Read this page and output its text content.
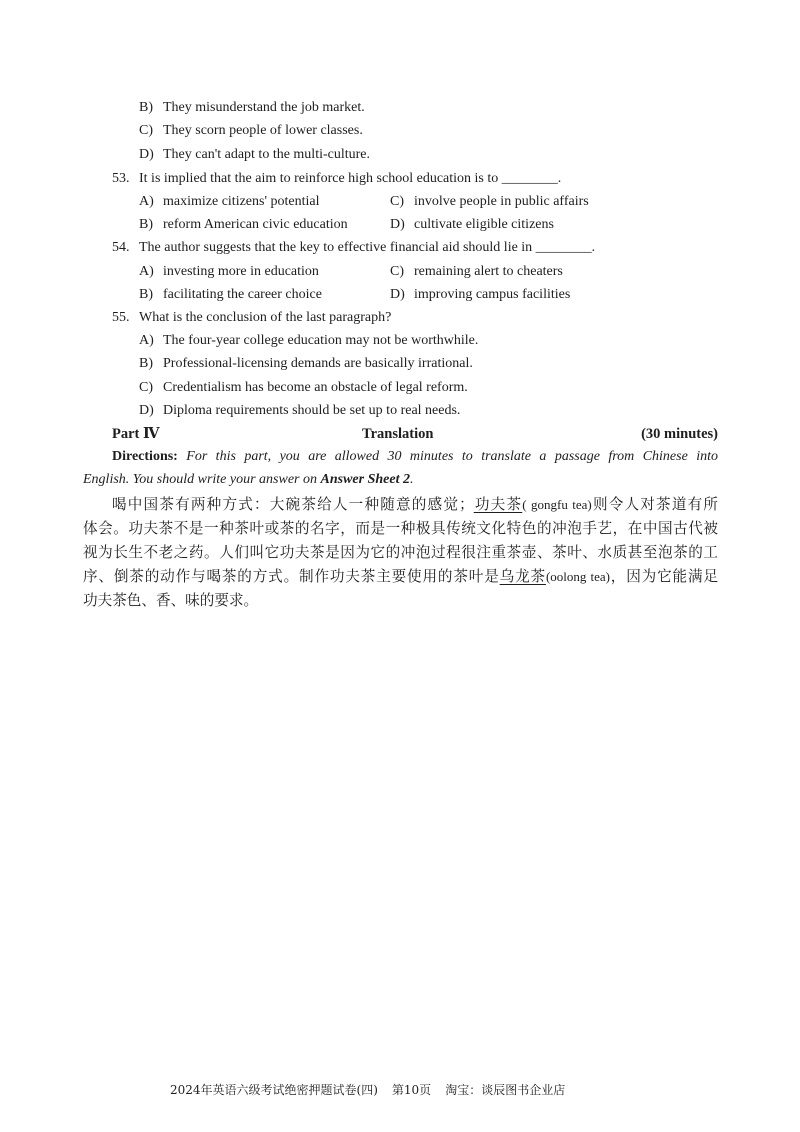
B) They misunderstand the job market.
C) They scorn people of lower classes.
D) They can't adapt to the multi-culture.
53. It is implied that the aim to reinforce high school education is to ________.
A) maximize citizens' potential	C) involve people in public affairs
B) reform American civic education	D) cultivate eligible citizens
54. The author suggests that the key to effective financial aid should lie in ________.
A) investing more in education	C) remaining alert to cheaters
B) facilitating the career choice	D) improving campus facilities
55. What is the conclusion of the last paragraph?
A) The four-year college education may not be worthwhile.
B) Professional-licensing demands are basically irrational.
C) Credentialism has become an obstacle of legal reform.
D) Diploma requirements should be set up to real needs.
Part Ⅳ	Translation	(30 minutes)
Directions: For this part, you are allowed 30 minutes to translate a passage from Chinese into
English. You should write your answer on Answer Sheet 2.
喝中国茶有两种方式：大碗茶给人一种随意的感觉；功夫茶( gongfu tea)则令人对茶道有所
体会。功夫茶不是一种茶叶或茶的名字，而是一种极具传统文化特色的冲泡手艺，在中国古代被
视为长生不老之药。人们叫它功夫茶是因为它的冲泡过程很注重茶壶、茶叶、水质甚至泡茶的工
序、倒茶的动作与喝茶的方式。制作功夫茶主要使用的茶叶是乌龙茶(oolong tea)，因为它能满足
功夫茶色、香、味的要求。
2024年英语六级考试绝密押题试卷(四) 第10页 淘宝：谈辰图书企业店
